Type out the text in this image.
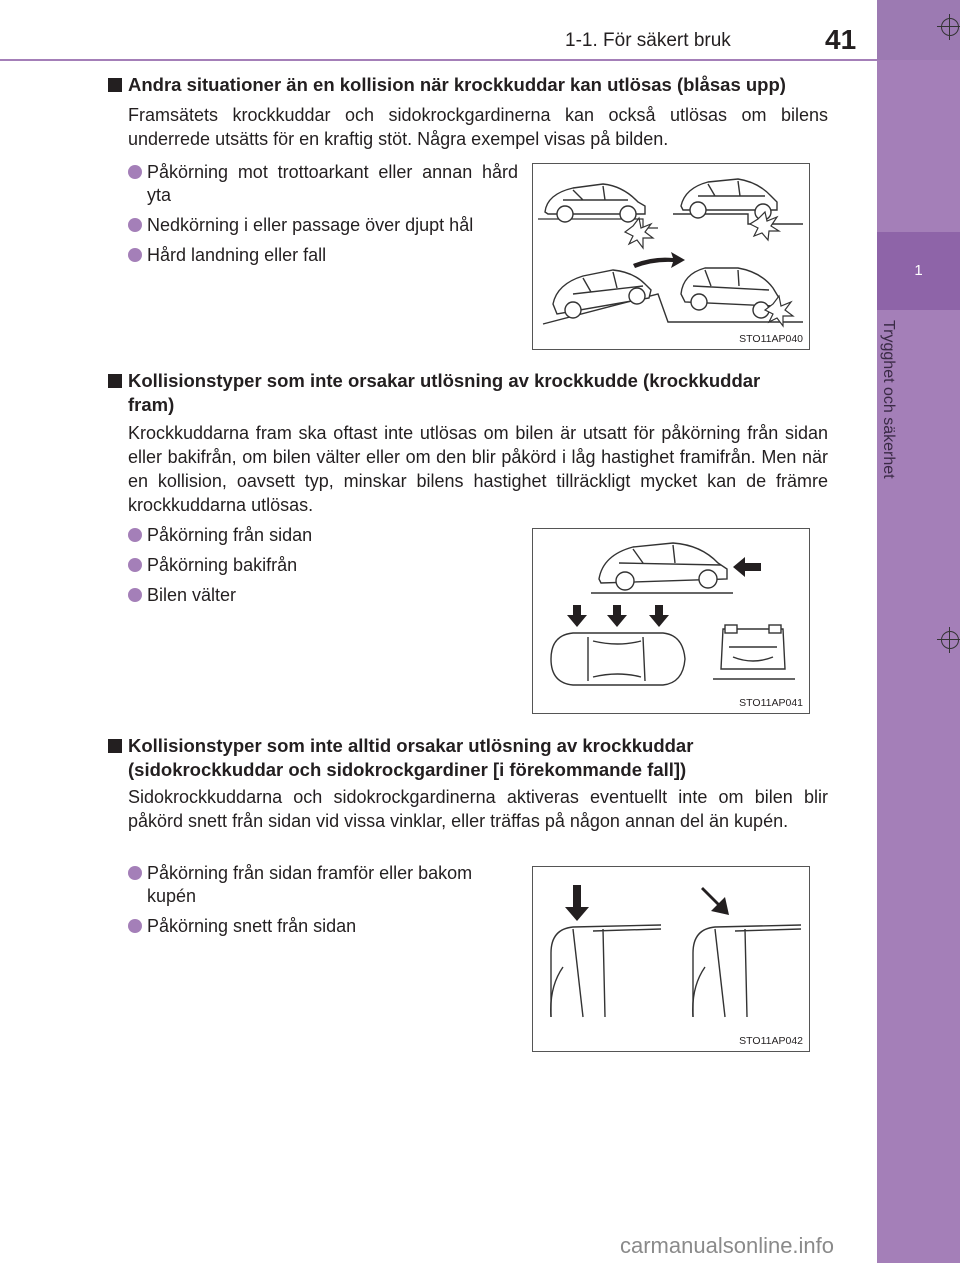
1
Trygghet och säkerhet
1-1. För säkert bruk	41
Andra situationer än en kollision när krockkuddar kan utlösas (blåsas upp)
Framsätets krockkuddar och sidokrockgardinerna kan också utlösas om bilens underrede utsätts för en kraftig stöt. Några exempel visas på bilden.
Påkörning mot trottoarkant eller annan hård yta
Nedkörning i eller passage över djupt hål
Hård landning eller fall
STO11AP040
Kollisionstyper som inte orsakar utlösning av krockkudde (krockkuddar
fram)
Krockkuddarna fram ska oftast inte utlösas om bilen är utsatt för påkörning från sidan eller bakifrån, om bilen välter eller om den blir påkörd i låg hastighet framifrån. Men när en kollision, oavsett typ, minskar bilens hastighet tillräckligt mycket kan de främre krockkuddarna utlösas.
Påkörning från sidan
Påkörning bakifrån
Bilen välter
STO11AP041
Kollisionstyper som inte alltid orsakar utlösning av krockkuddar
(sidokrockkuddar och sidokrockgardiner [i förekommande fall])
Sidokrockkuddarna och sidokrockgardinerna aktiveras eventuellt inte om bilen blir påkörd snett från sidan vid vissa vinklar, eller träffas på någon annan del än kupén.
Påkörning från sidan framför eller bakom kupén
Påkörning snett från sidan
STO11AP042
carmanualsonline.info
